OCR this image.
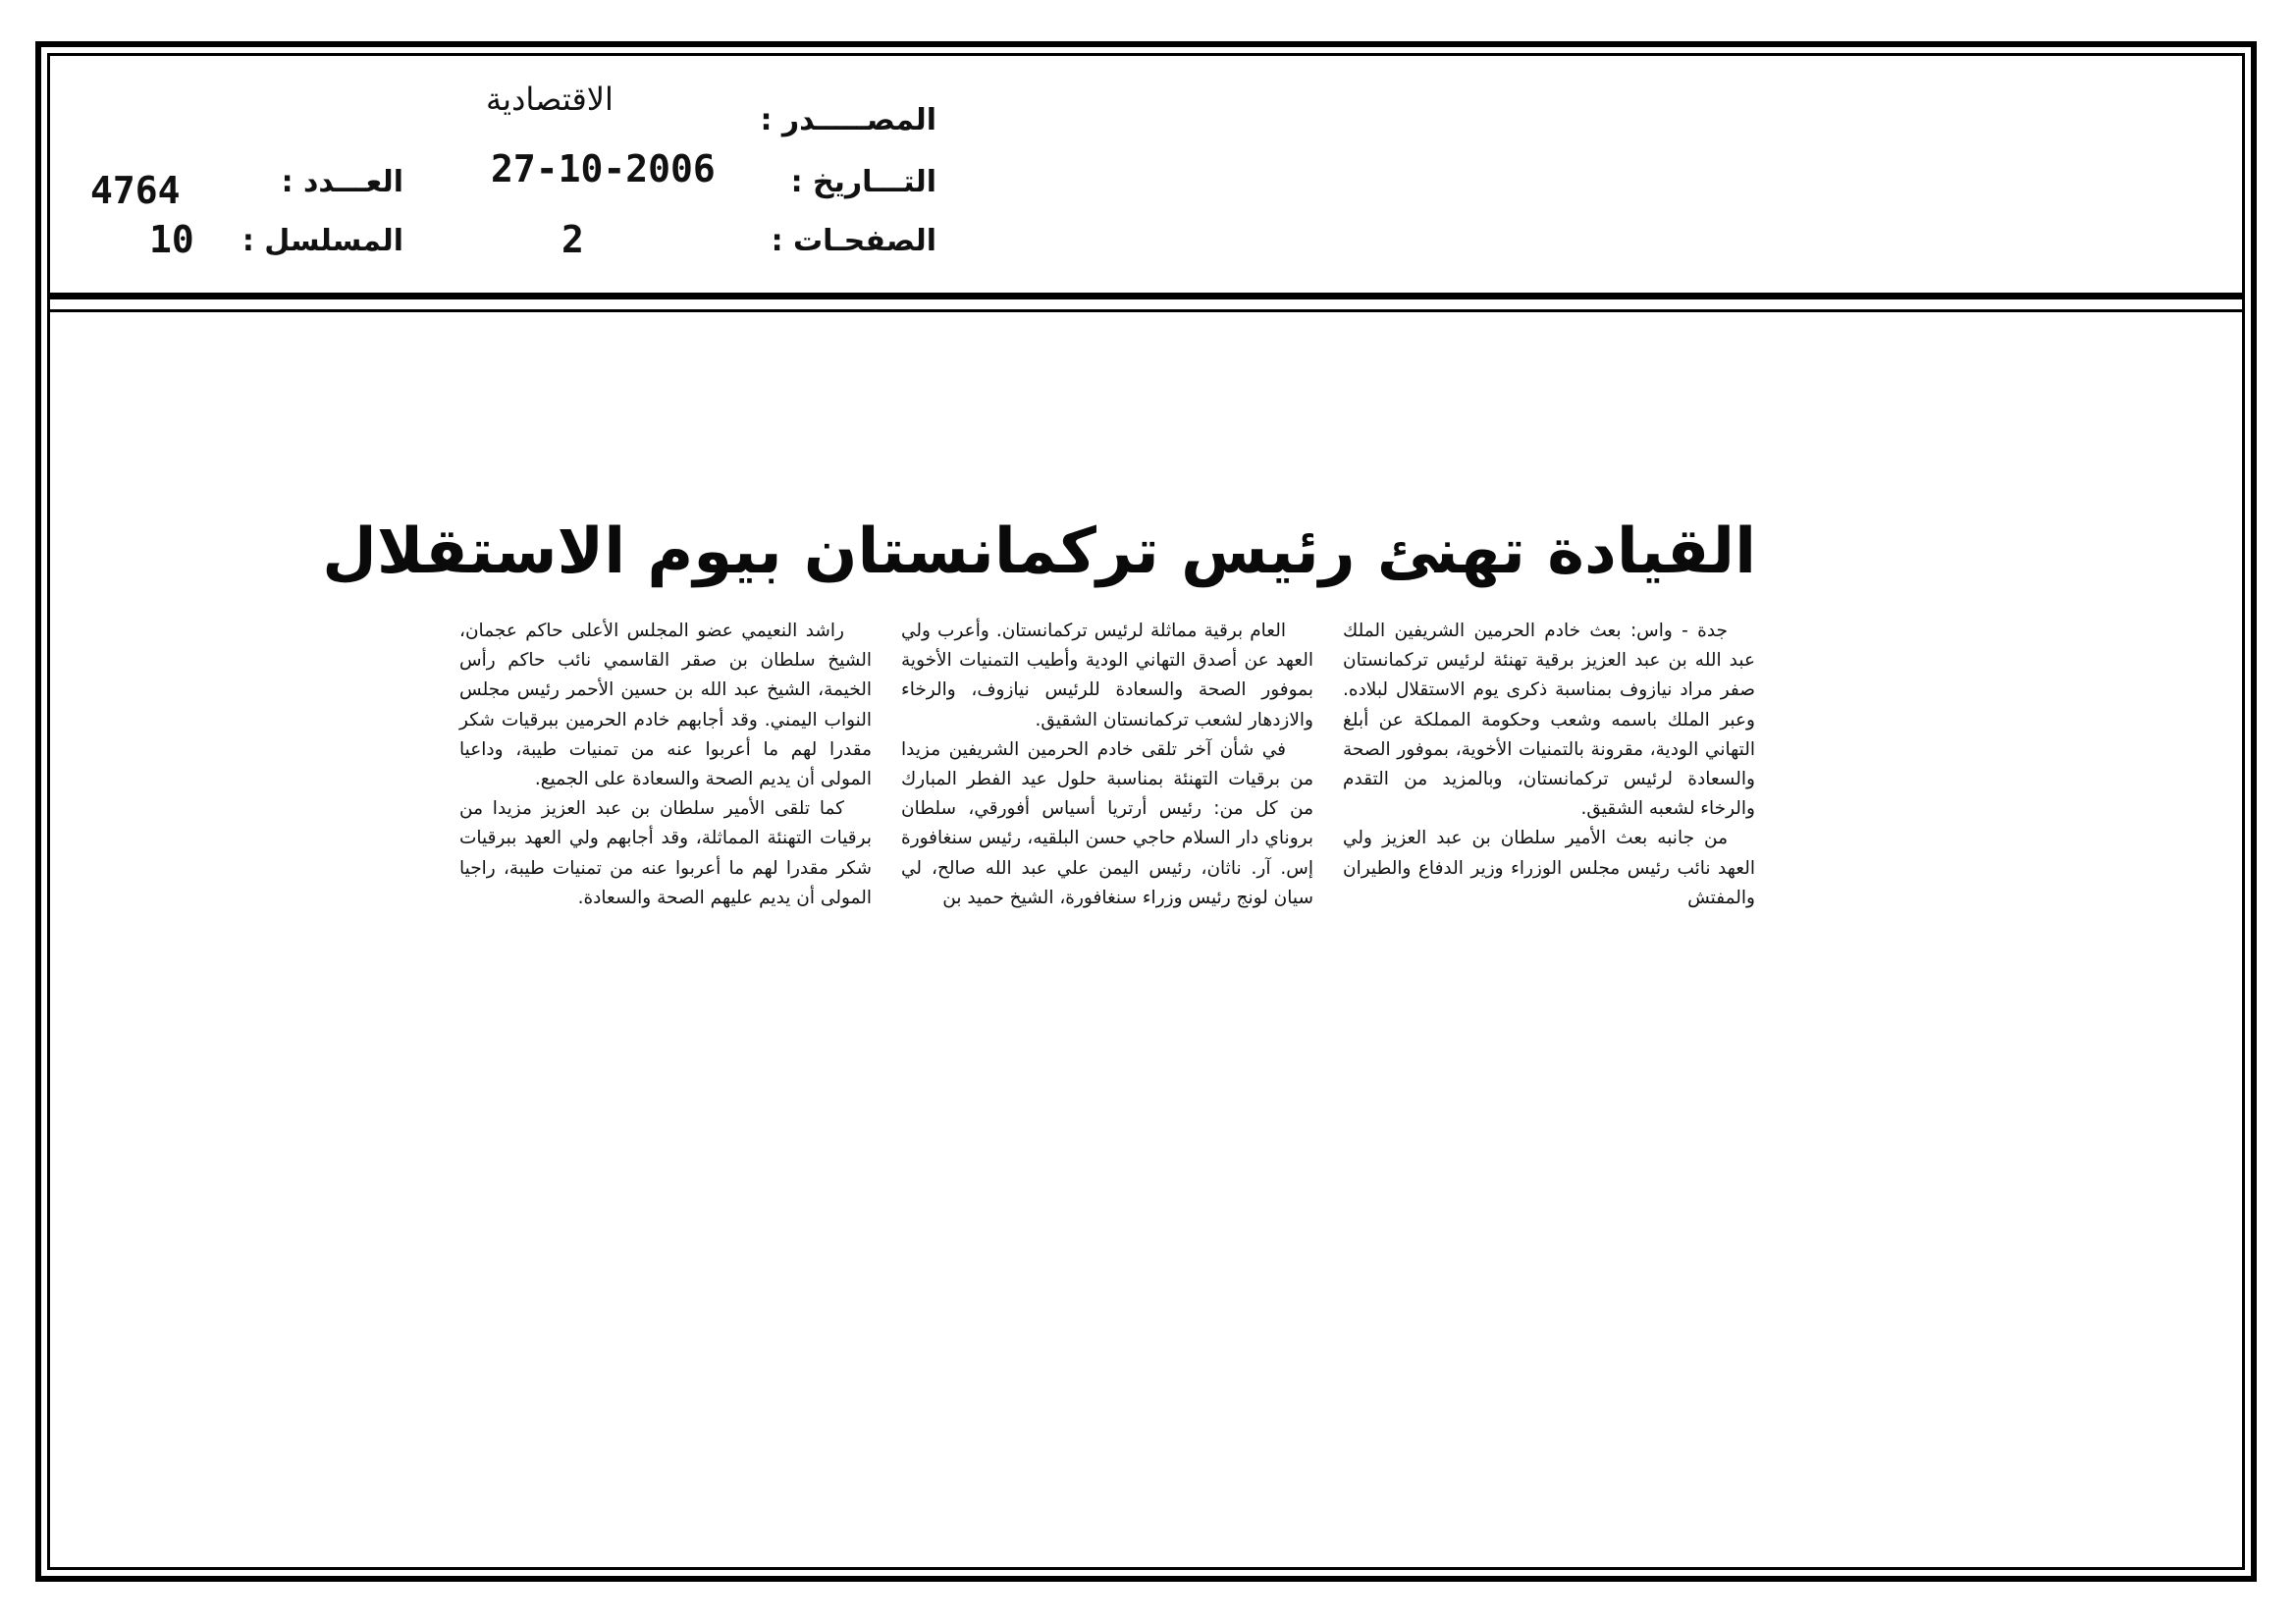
المصـــــدر :
التـــاريخ :
الصفحـات :
الاقتصادية
27-10-2006
2
العـــدد :
المسلسل :
4764
10
القيادة تهنئ رئيس تركمانستان بيوم الاستقلال

جدة - واس: بعث خادم الحرمين الشريفين الملك عبد الله بن عبد العزيز برقية تهنئة لرئيس تركمانستان صفر مراد نيازوف بمناسبة ذكرى يوم الاستقلال لبلاده. وعبر الملك باسمه وشعب وحكومة المملكة عن أبلغ التهاني الودية، مقرونة بالتمنيات الأخوية، بموفور الصحة والسعادة لرئيس تركمانستان، وبالمزيد من التقدم والرخاء لشعبه الشقيق.

من جانبه بعث الأمير سلطان بن عبد العزيز ولي العهد نائب رئيس مجلس الوزراء وزير الدفاع والطيران والمفتش

العام برقية مماثلة لرئيس تركمانستان. وأعرب ولي العهد عن أصدق التهاني الودية وأطيب التمنيات الأخوية بموفور الصحة والسعادة للرئيس نيازوف، والرخاء والازدهار لشعب تركمانستان الشقيق.

في شأن آخر تلقى خادم الحرمين الشريفين مزيدا من برقيات التهنئة بمناسبة حلول عيد الفطر المبارك من كل من: رئيس أرتريا أسياس أفورقي، سلطان بروناي دار السلام حاجي حسن البلقيه، رئيس سنغافورة إس. آر. ناثان، رئيس اليمن علي عبد الله صالح، لي سيان لونج رئيس وزراء سنغافورة، الشيخ حميد بن

راشد النعيمي عضو المجلس الأعلى حاكم عجمان، الشيخ سلطان بن صقر القاسمي نائب حاكم رأس الخيمة، الشيخ عبد الله بن حسين الأحمر رئيس مجلس النواب اليمني. وقد أجابهم خادم الحرمين ببرقيات شكر مقدرا لهم ما أعربوا عنه من تمنيات طيبة، وداعيا المولى أن يديم الصحة والسعادة على الجميع.

كما تلقى الأمير سلطان بن عبد العزيز مزيدا من برقيات التهنئة المماثلة، وقد أجابهم ولي العهد ببرقيات شكر مقدرا لهم ما أعربوا عنه من تمنيات طيبة، راجيا المولى أن يديم عليهم الصحة والسعادة.
